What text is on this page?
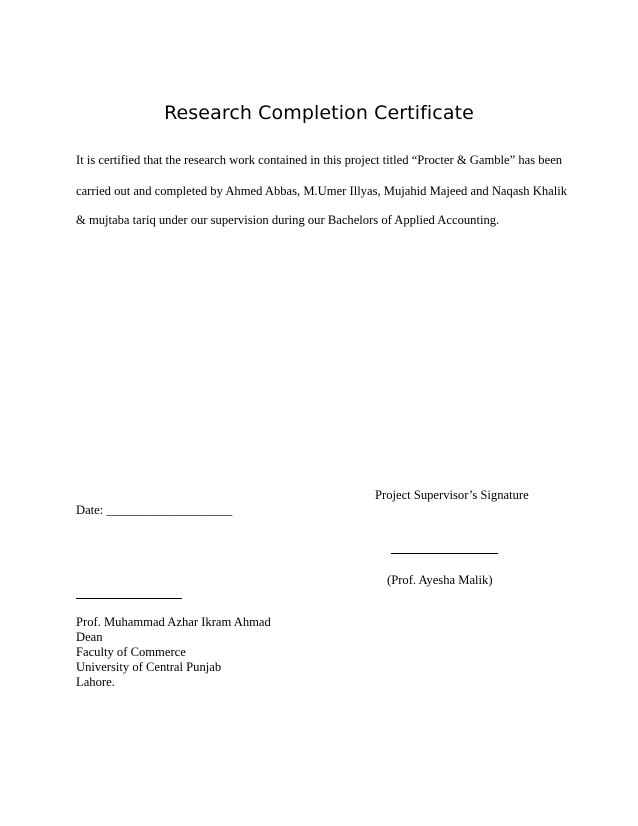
Research Completion Certificate
It is certified that the research work contained in this project titled “Procter & Gamble” has been
carried out and completed by Ahmed Abbas, M.Umer Illyas, Mujahid Majeed and Naqash Khalik
& mujtaba tariq under our supervision during our Bachelors of Applied Accounting.
Project Supervisor’s Signature
Date: ____________________
(Prof. Ayesha Malik)
Prof. Muhammad Azhar Ikram Ahmad
Dean
Faculty of Commerce
University of Central Punjab
Lahore.
